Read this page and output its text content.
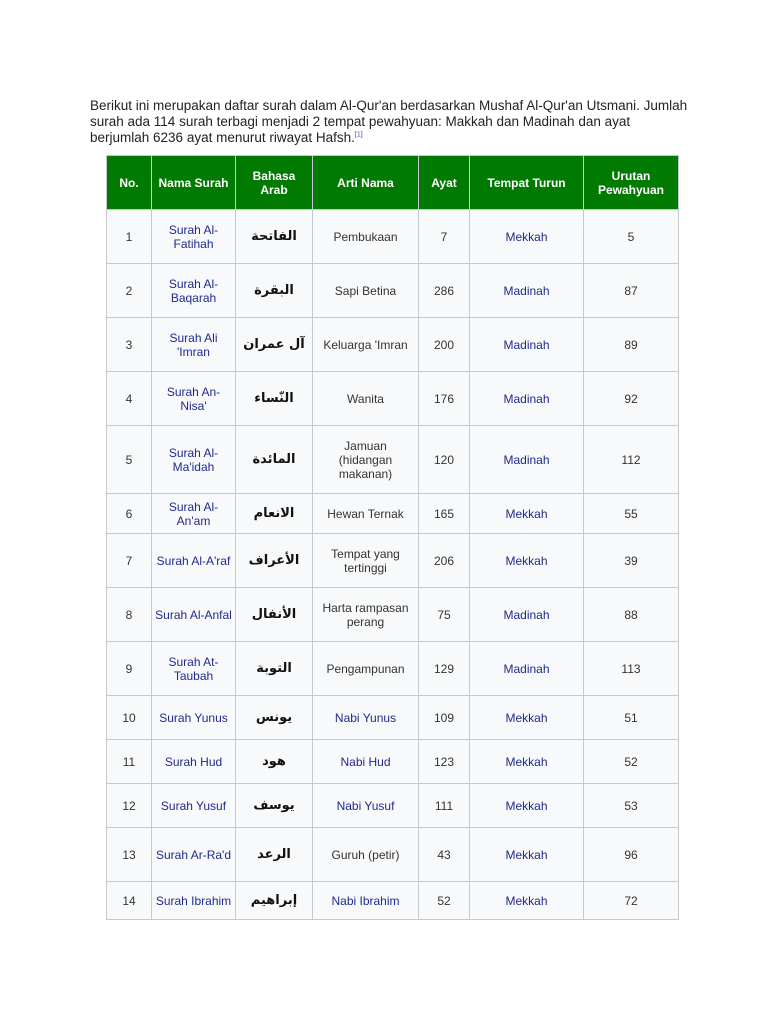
Berikut ini merupakan daftar surah dalam Al-Qur'an berdasarkan Mushaf Al-Qur'an Utsmani. Jumlah surah ada 114 surah terbagi menjadi 2 tempat pewahyuan: Makkah dan Madinah dan ayat berjumlah 6236 ayat menurut riwayat Hafsh.[1]

No.	Nama Surah	Bahasa Arab	Arti Nama	Ayat	Tempat Turun	Urutan Pewahyuan
1	Surah Al-Fatihah	الفاتحة	Pembukaan	7	Mekkah	5
2	Surah Al-Baqarah	البقرة	Sapi Betina	286	Madinah	87
3	Surah Ali 'Imran	آل عمران	Keluarga 'Imran	200	Madinah	89
4	Surah An-Nisa'	النّساء	Wanita	176	Madinah	92
5	Surah Al-Ma'idah	المائدة	Jamuan (hidangan makanan)	120	Madinah	112
6	Surah Al-An'am	الانعام	Hewan Ternak	165	Mekkah	55
7	Surah Al-A'raf	الأعراف	Tempat yang tertinggi	206	Mekkah	39
8	Surah Al-Anfal	الأنفال	Harta rampasan perang	75	Madinah	88
9	Surah At-Taubah	التوبة	Pengampunan	129	Madinah	113
10	Surah Yunus	يونس	Nabi Yunus	109	Mekkah	51
11	Surah Hud	هود	Nabi Hud	123	Mekkah	52
12	Surah Yusuf	يوسف	Nabi Yusuf	111	Mekkah	53
13	Surah Ar-Ra'd	الرعد	Guruh (petir)	43	Mekkah	96
14	Surah Ibrahim	إبراهيم	Nabi Ibrahim	52	Mekkah	72
